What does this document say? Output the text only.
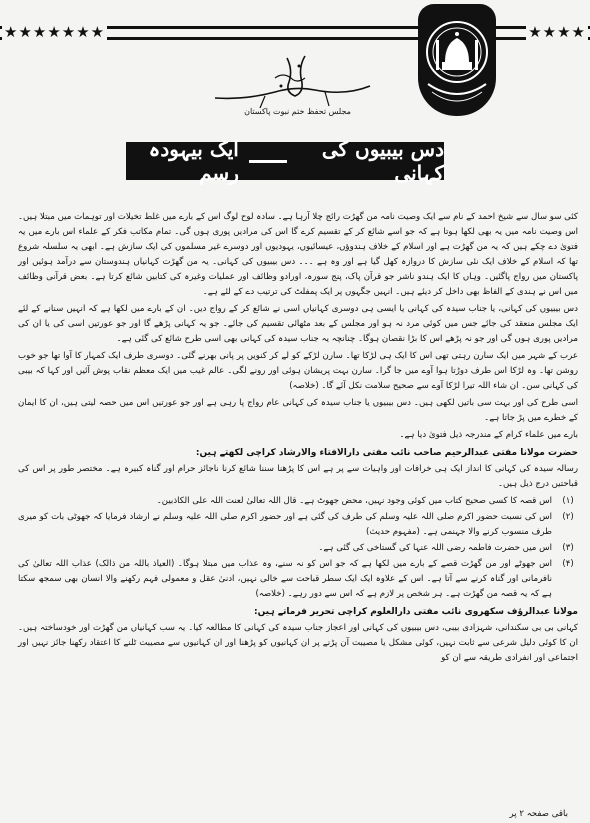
★★★★★★★	★★★★
مجلس تحفظ ختم نبوت پاکستان
دس بیبیوں کی کہانی
ایک بیہودہ رسم

کئی سو سال سے شیخ احمد کے نام سے ایک وصیت نامہ من گھڑت رائج چلا آرہا ہے۔ سادہ لوح لوگ اس کے بارے میں غلط تخیلات اور توہمات میں مبتلا ہیں۔ اس وصیت نامہ میں یہ بھی لکھا ہوتا ہے کہ جو اسے شائع کر کے تقسیم کرے گا اس کی مرادیں پوری ہوں گی۔ تمام مکاتب فکر کے علماء اس بارے میں یہ فتویٰ دے چکے ہیں کہ یہ من گھڑت ہے اور اسلام کے خلاف ہندوؤں، عیسائیوں، یہودیوں اور دوسرے غیر مسلموں کی ایک سازش ہے۔ ابھی یہ سلسلہ شروع تھا کہ اسلام کے خلاف ایک نئی سازش کا دروازہ کھل گیا ہے اور وہ ہے ۔۔۔ دس بیبیوں کی کہانی۔ یہ من گھڑت کہانیاں ہندوستان سے درآمد ہوئیں اور پاکستان میں رواج پاگئیں۔ وہاں کا ایک ہندو ناشر جو قرآن پاک، پنج سورہ، اورادو وظائف اور عملیات وغیرہ کی کتابیں شائع کرتا ہے۔ بعض قرآنی وظائف میں اس نے ہندی کے الفاظ بھی داخل کر دیئے ہیں۔ انہیں جگہوں پر ایک پمفلٹ کی ترتیب دے کے لئے ہے۔

دس بیبیوں کی کہانی، یا جناب سیدہ کی کہانی یا ایسی ہی دوسری کہانیاں اسی نے شائع کر کے رواج دیں۔ ان کے بارے میں لکھا ہے کہ انہیں سنانے کے لئے ایک مجلس منعقد کی جائے جس میں کوئی مرد نہ ہو اور مجلس کے بعد مٹھائی تقسیم کی جائے۔ جو یہ کہانی پڑھے گا اور جو عورتیں اسی کی یا ان کی مرادیں پوری ہوں گی اور جو نہ پڑھے اس کا بڑا نقصان ہوگا۔ چنانچہ یہ جناب سیدہ کی کہانی بھی اسی طرح شائع کی گئی ہے۔

عرب کے شہر میں ایک سارن رہتی تھی اس کا ایک ہی لڑکا تھا۔ سارن لڑکے کو لے کر کنویں پر پانی بھرنے گئی۔ دوسری طرف ایک کمہار کا آوا تھا جو خوب روشن تھا۔ وہ لڑکا اس طرف دوڑتا ہوا آوے میں جا گرا۔ سارن بہت پریشان ہوئی اور رونے لگی۔ عالم غیب میں ایک معظم نقاب پوش آئیں اور کہا کہ بیبی کی کہانی سن۔ ان شاء اللہ تیرا لڑکا آوے سے صحیح سلامت نکل آئے گا۔ (خلاصہ)

اسی طرح کی اور بہت سی باتیں لکھی ہیں۔ دس بیبیوں یا جناب سیدہ کی کہانی عام رواج پا رہی ہے اور جو عورتیں اس میں حصہ لیتی ہیں، ان کا ایمان کے خطرے میں پڑ جاتا ہے۔

بارے میں علماء کرام کے مندرجہ ذیل فتویٰ دیا ہے۔

حضرت مولانا مفتی عبدالرحیم صاحب نائب مفتی دارالافتاء والارشاد کراچی لکھتے ہیں:

رسالہ سیدہ کی کہانی کا انداز ایک ہی خرافات اور واہیات سے پر ہے اس کا پڑھنا سننا شائع کرنا ناجائز حرام اور گناہ کبیرہ ہے۔ مختصر طور پر اس کی قباحتیں درج ذیل ہیں۔

(۱)
اس قصہ کا کسی صحیح کتاب میں کوئی وجود نہیں، محض جھوٹ ہے۔ قال اللہ تعالیٰ لعنت اللہ علی الکاذبین۔
(۲)
اس کی نسبت حضور اکرم صلی اللہ علیہ وسلم کی طرف کی گئی ہے اور حضور اکرم صلی اللہ علیہ وسلم نے ارشاد فرمایا کہ جھوٹی بات کو میری طرف منسوب کرنے والا جہنمی ہے۔ (مفہوم حدیث)
(۳)
اس میں حضرت فاطمہ رضی اللہ عنہا کی گستاخی کی گئی ہے۔
(۴)
اس جھوٹے اور من گھڑت قصے کے بارے میں لکھا ہے کہ جو اس کو نہ سنے، وہ عذاب میں مبتلا ہوگا۔ (العیاذ باللہ من ذالک) عذاب اللہ تعالیٰ کی نافرمانی اور گناہ کرنے سے آتا ہے۔ اس کے علاوہ ایک ایک سطر قباحت سے خالی نہیں، ادنیٰ عقل و معمولی فہم رکھنے والا انسان بھی سمجھ سکتا ہے کہ یہ قصہ من گھڑت ہے۔ ہر شخص پر لازم ہے کہ اس سے دور رہے۔ (خلاصہ)
مولانا عبدالرؤف سکھروی نائب مفتی دارالعلوم کراچی تحریر فرماتے ہیں:

کہانی بی بی سکندانی، شہزادی بیبی، دس بیبیوں کی کہانی اور اعجاز جناب سیدہ کی کہانی کا مطالعہ کیا۔ یہ سب کہانیاں من گھڑت اور خودساختہ ہیں۔ ان کا کوئی دلیل شرعی سے ثابت نہیں، کوئی مشکل یا مصیبت آن پڑنے پر ان کہانیوں کو پڑھنا اور ان کہانیوں سے مصیبت ٹلنے کا اعتقاد رکھنا جائز نہیں اور اجتماعی اور انفرادی طریقہ سے ان کو

باقی صفحہ ۲ پر
